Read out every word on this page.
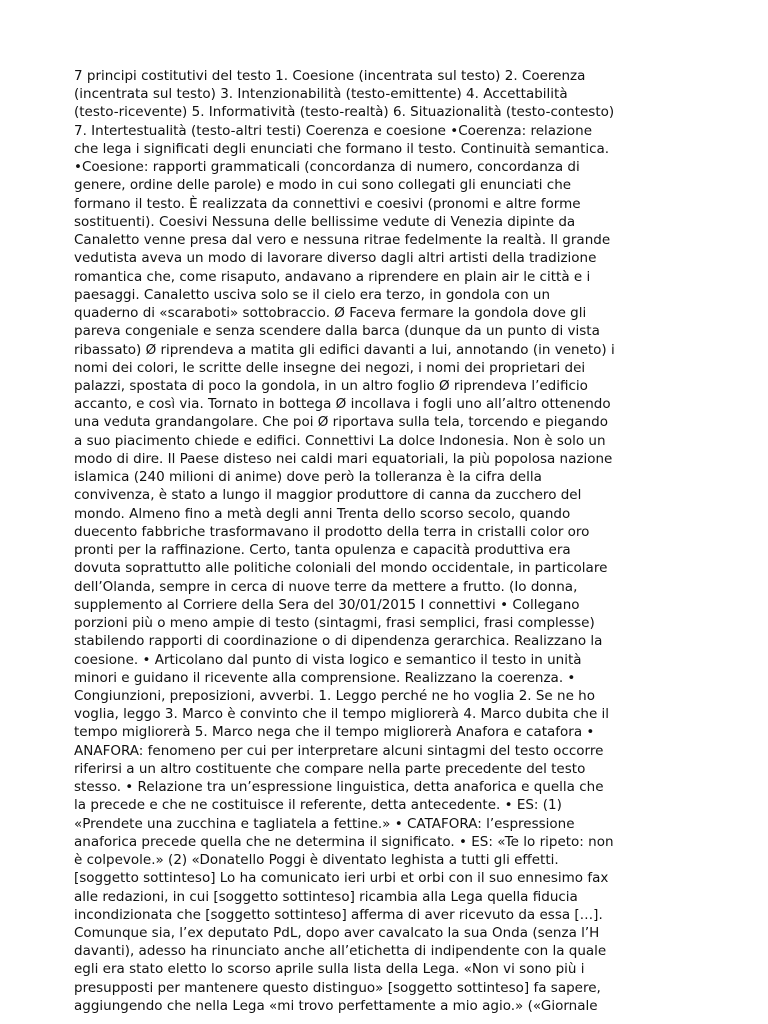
7 principi costitutivi del testo 1. Coesione (incentrata sul testo) 2. Coerenza
(incentrata sul testo) 3. Intenzionabilità (testo-emittente) 4. Accettabilità
(testo-ricevente) 5. Informatività (testo-realtà) 6. Situazionalità (testo-contesto)
7. Intertestualità (testo-altri testi) Coerenza e coesione •Coerenza: relazione
che lega i significati degli enunciati che formano il testo. Continuità semantica.
•Coesione: rapporti grammaticali (concordanza di numero, concordanza di
genere, ordine delle parole) e modo in cui sono collegati gli enunciati che
formano il testo. È realizzata da connettivi e coesivi (pronomi e altre forme
sostituenti). Coesivi Nessuna delle bellissime vedute di Venezia dipinte da
Canaletto venne presa dal vero e nessuna ritrae fedelmente la realtà. Il grande
vedutista aveva un modo di lavorare diverso dagli altri artisti della tradizione
romantica che, come risaputo, andavano a riprendere en plain air le città e i
paesaggi. Canaletto usciva solo se il cielo era terzo, in gondola con un
quaderno di «scaraboti» sottobraccio. Ø Faceva fermare la gondola dove gli
pareva congeniale e senza scendere dalla barca (dunque da un punto di vista
ribassato) Ø riprendeva a matita gli edifici davanti a lui, annotando (in veneto) i
nomi dei colori, le scritte delle insegne dei negozi, i nomi dei proprietari dei
palazzi, spostata di poco la gondola, in un altro foglio Ø riprendeva l’edificio
accanto, e così via. Tornato in bottega Ø incollava i fogli uno all’altro ottenendo
una veduta grandangolare. Che poi Ø riportava sulla tela, torcendo e piegando
a suo piacimento chiede e edifici. Connettivi La dolce Indonesia. Non è solo un
modo di dire. Il Paese disteso nei caldi mari equatoriali, la più popolosa nazione
islamica (240 milioni di anime) dove però la tolleranza è la cifra della
convivenza, è stato a lungo il maggior produttore di canna da zucchero del
mondo. Almeno fino a metà degli anni Trenta dello scorso secolo, quando
duecento fabbriche trasformavano il prodotto della terra in cristalli color oro
pronti per la raffinazione. Certo, tanta opulenza e capacità produttiva era
dovuta soprattutto alle politiche coloniali del mondo occidentale, in particolare
dell’Olanda, sempre in cerca di nuove terre da mettere a frutto. (Io donna,
supplemento al Corriere della Sera del 30/01/2015 I connettivi • Collegano
porzioni più o meno ampie di testo (sintagmi, frasi semplici, frasi complesse)
stabilendo rapporti di coordinazione o di dipendenza gerarchica. Realizzano la
coesione. • Articolano dal punto di vista logico e semantico il testo in unità
minori e guidano il ricevente alla comprensione. Realizzano la coerenza. •
Congiunzioni, preposizioni, avverbi. 1. Leggo perché ne ho voglia 2. Se ne ho
voglia, leggo 3. Marco è convinto che il tempo migliorerà 4. Marco dubita che il
tempo migliorerà 5. Marco nega che il tempo migliorerà Anafora e catafora •
ANAFORA: fenomeno per cui per interpretare alcuni sintagmi del testo occorre
riferirsi a un altro costituente che compare nella parte precedente del testo
stesso. • Relazione tra un’espressione linguistica, detta anaforica e quella che
la precede e che ne costituisce il referente, detta antecedente. • ES: (1)
«Prendete una zucchina e tagliatela a fettine.» • CATAFORA: l’espressione
anaforica precede quella che ne determina il significato. • ES: «Te lo ripeto: non
è colpevole.» (2) «Donatello Poggi è diventato leghista a tutti gli effetti.
[soggetto sottinteso] Lo ha comunicato ieri urbi et orbi con il suo ennesimo fax
alle redazioni, in cui [soggetto sottinteso] ricambia alla Lega quella fiducia
incondizionata che [soggetto sottinteso] afferma di aver ricevuto da essa […].
Comunque sia, l’ex deputato PdL, dopo aver cavalcato la sua Onda (senza l’H
davanti), adesso ha rinunciato anche all’etichetta di indipendente con la quale
egli era stato eletto lo scorso aprile sulla lista della Lega. «Non vi sono più i
presupposti per mantenere questo distinguo» [soggetto sottinteso] fa sapere,
aggiungendo che nella Lega «mi trovo perfettamente a mio agio.» («Giornale
